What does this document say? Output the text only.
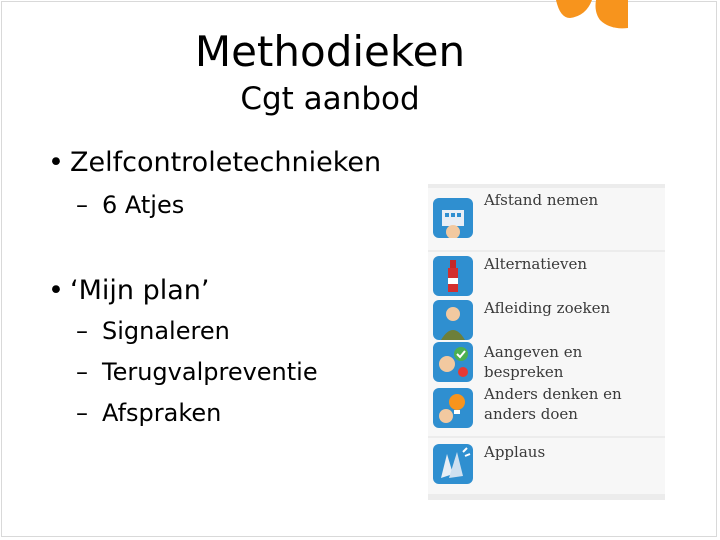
Methodieken
Cgt aanbod
• Zelfcontroletechnieken
– 6 Atjes
• ‘Mijn plan’
– Signaleren
– Terugvalpreventie
– Afspraken
Afstand nemen
Alternatieven
Afleiding zoeken
Aangeven en bespreken
Anders denken en anders doen
Applaus
